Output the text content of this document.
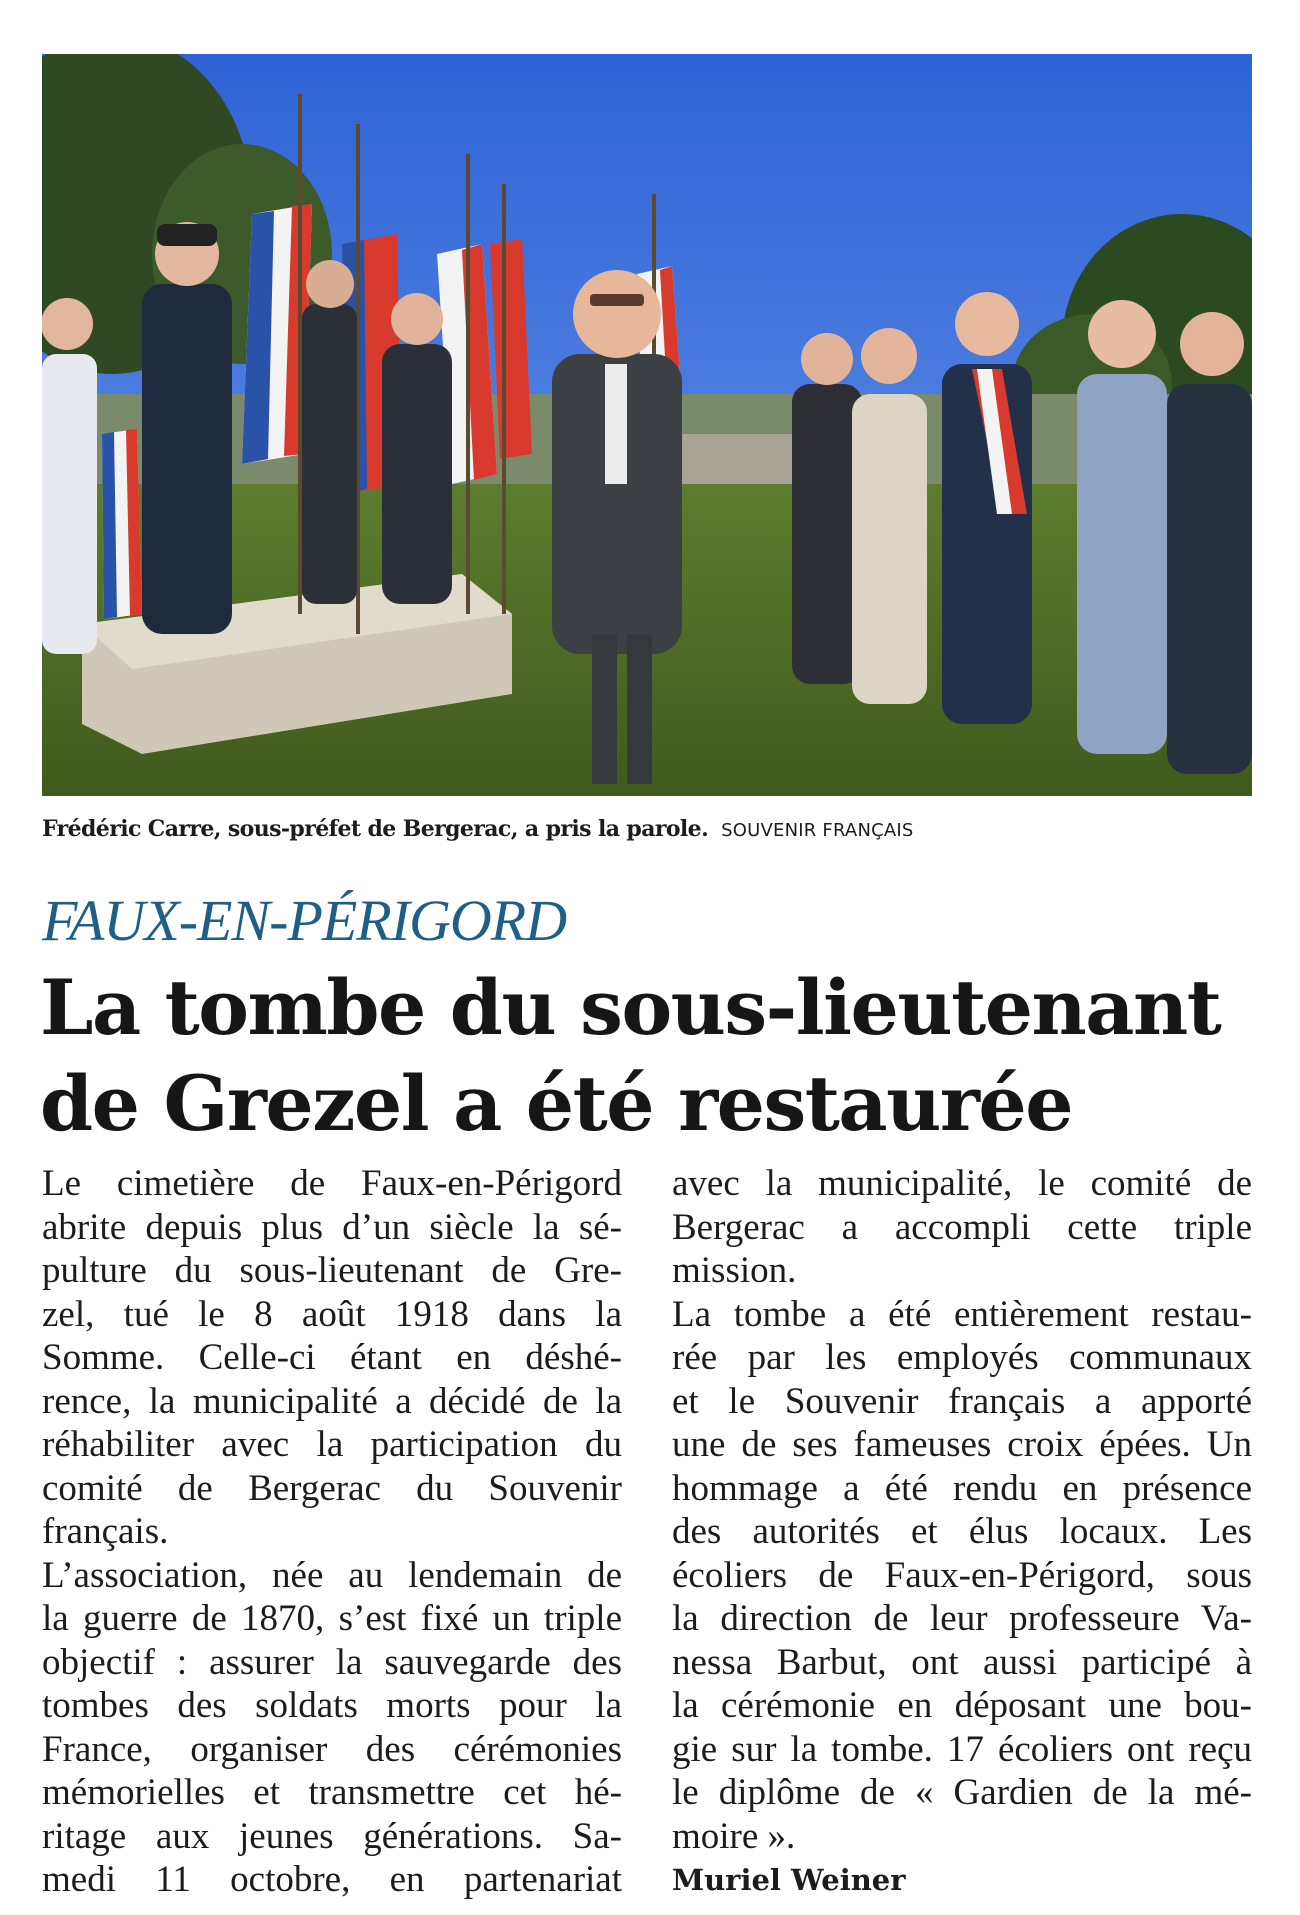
Frédéric Carre, sous-préfet de Bergerac, a pris la parole. SOUVENIR FRANÇAIS
FAUX-EN-PÉRIGORD
La tombe du sous-lieutenant
de Grezel a été restaurée
Le cimetière de Faux-en-Périgord
abrite depuis plus d’un siècle la sé-
pulture du sous-lieutenant de Gre-
zel, tué le 8 août 1918 dans la
Somme. Celle-ci étant en déshé-
rence, la municipalité a décidé de la
réhabiliter avec la participation du
comité de Bergerac du Souvenir
français.
L’association, née au lendemain de
la guerre de 1870, s’est fixé un triple
objectif : assurer la sauvegarde des
tombes des soldats morts pour la
France, organiser des cérémonies
mémorielles et transmettre cet hé-
ritage aux jeunes générations. Sa-
medi 11 octobre, en partenariat
avec la municipalité, le comité de
Bergerac a accompli cette triple
mission.
La tombe a été entièrement restau-
rée par les employés communaux
et le Souvenir français a apporté
une de ses fameuses croix épées. Un
hommage a été rendu en présence
des autorités et élus locaux. Les
écoliers de Faux-en-Périgord, sous
la direction de leur professeure Va-
nessa Barbut, ont aussi participé à
la cérémonie en déposant une bou-
gie sur la tombe. 17 écoliers ont reçu
le diplôme de « Gardien de la mé-
moire ».
Muriel Weiner
